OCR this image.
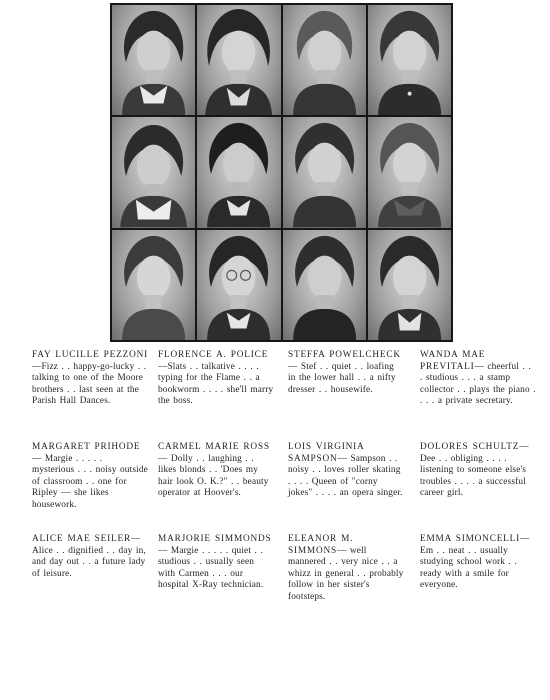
FAY LUCILLE PEZZONI—Fizz . . happy-go-lucky . . talking to one of the Moore brothers . . last seen at the Parish Hall Dances.
FLORENCE A. POLICE—Slats . . talkative . . . . typing for the Flame . . a bookworm . . . . she'll marry the boss.
STEFFA POWELCHECK— Stef . . quiet . . loafing in the lower hall . . a nifty dresser . . housewife.
WANDA MAE PREVITALI— cheerful . . . studious . . . a stamp collector . . plays the piano . . . . a private secretary.
MARGARET PRIHODE— Margie . . . . . mysterious . . . noisy outside of classroom . . one for Ripley — she likes housework.
CARMEL MARIE ROSS— Dolly . . laughing . . likes blonds . . 'Does my hair look O. K.?" . . beauty operator at Hoover's.
LOIS VIRGINIA SAMPSON— Sampson . . noisy . . loves roller skating . . . . Queen of "corny jokes" . . . . an opera singer.
DOLORES SCHULTZ—Dee . . obliging . . . . listening to someone else's troubles . . . . a successful career girl.
ALICE MAE SEILER—Alice . . dignified . . day in, and day out . . a future lady of leisure.
MARJORIE SIMMONDS— Margie . . . . . quiet . . studious . . usually seen with Carmen . . . our hospital X-Ray technician.
ELEANOR M. SIMMONS— well mannered . . very nice . . a whizz in general . . probably follow in her sister's footsteps.
EMMA SIMONCELLI—Em . . neat . . usually studying school work . . ready with a smile for everyone.
